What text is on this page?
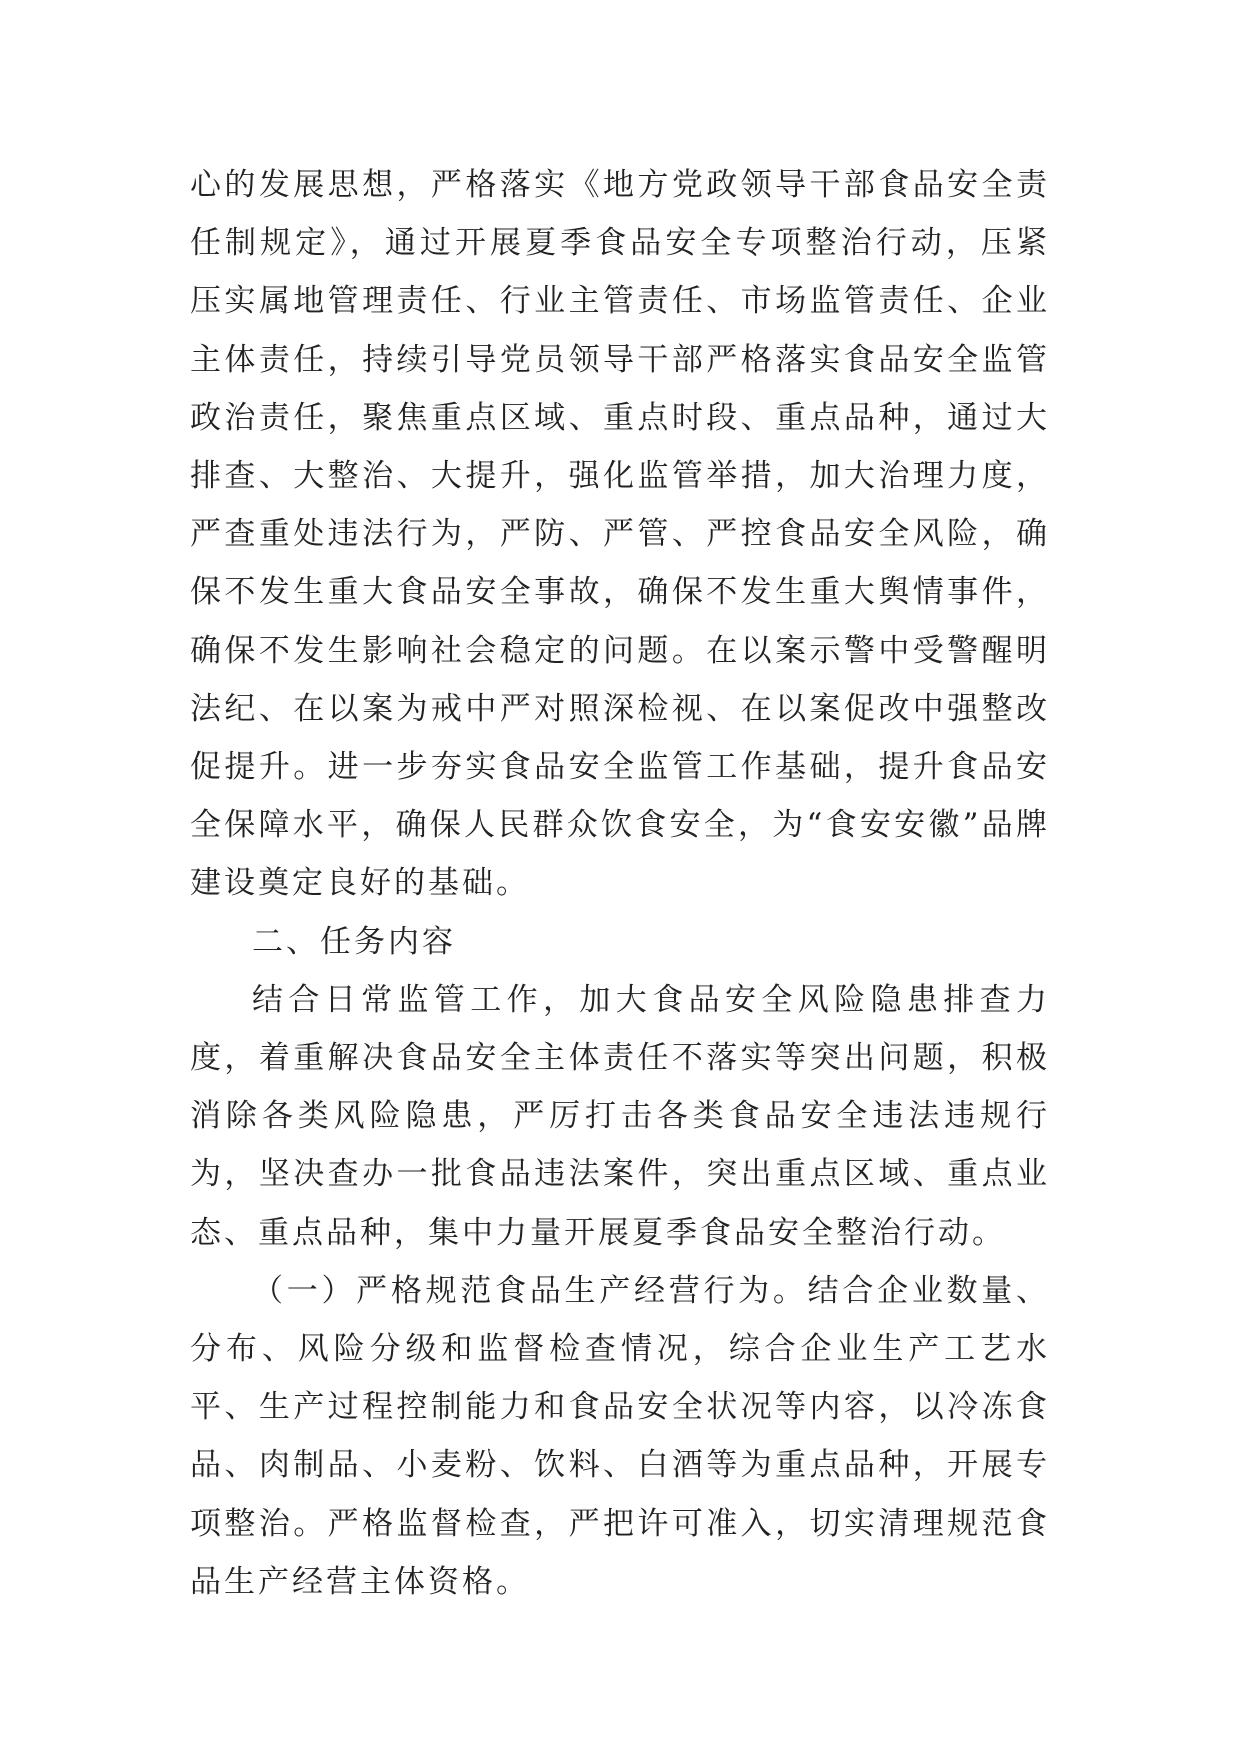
心的发展思想，严格落实《地方党政领导干部食品安全责任制规定》，通过开展夏季食品安全专项整治行动，压紧压实属地管理责任、行业主管责任、市场监管责任、企业主体责任，持续引导党员领导干部严格落实食品安全监管政治责任，聚焦重点区域、重点时段、重点品种，通过大排查、大整治、大提升，强化监管举措，加大治理力度，严查重处违法行为，严防、严管、严控食品安全风险，确保不发生重大食品安全事故，确保不发生重大舆情事件，确保不发生影响社会稳定的问题。在以案示警中受警醒明法纪、在以案为戒中严对照深检视、在以案促改中强整改促提升。进一步夯实食品安全监管工作基础，提升食品安全保障水平，确保人民群众饮食安全，为“食安安徽”品牌建设奠定良好的基础。

二、任务内容

结合日常监管工作，加大食品安全风险隐患排查力度，着重解决食品安全主体责任不落实等突出问题，积极消除各类风险隐患，严厉打击各类食品安全违法违规行为，坚决查办一批食品违法案件，突出重点区域、重点业态、重点品种，集中力量开展夏季食品安全整治行动。

（一）严格规范食品生产经营行为。结合企业数量、分布、风险分级和监督检查情况，综合企业生产工艺水平、生产过程控制能力和食品安全状况等内容，以冷冻食品、肉制品、小麦粉、饮料、白酒等为重点品种，开展专项整治。严格监督检查，严把许可准入，切实清理规范食品生产经营主体资格。
